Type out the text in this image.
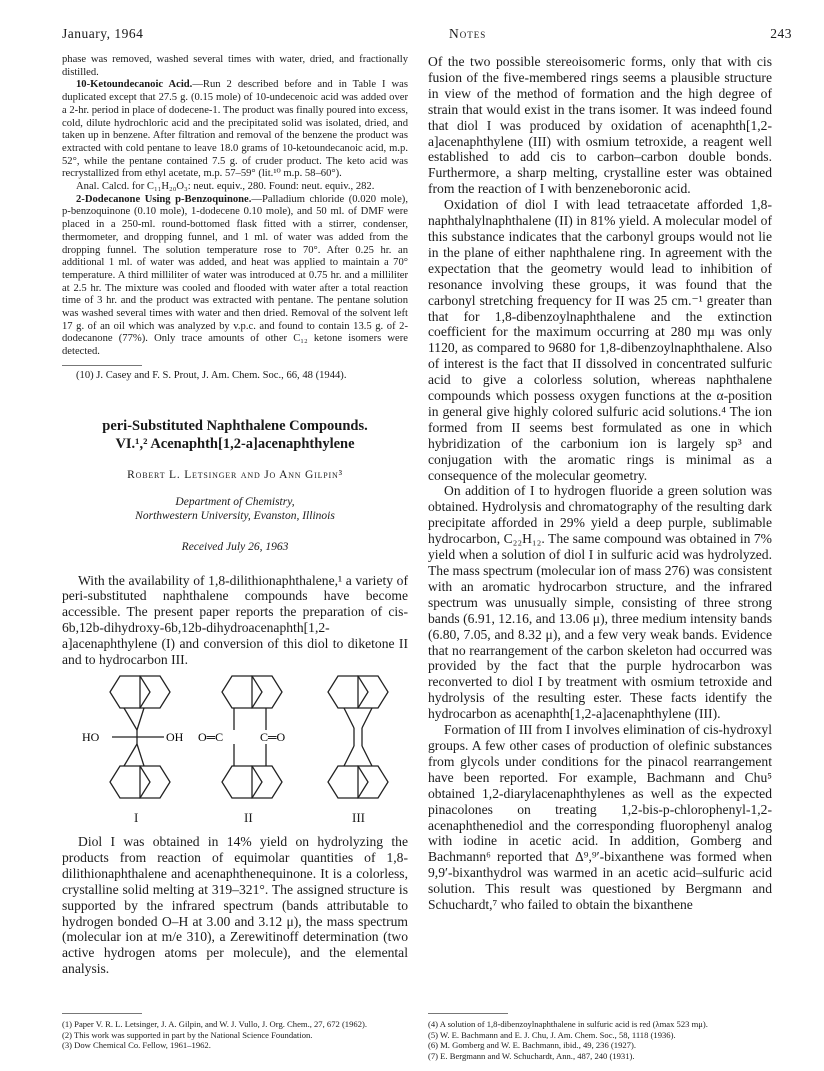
January, 1964	Notes	243

phase was removed, washed several times with water, dried, and fractionally distilled.

10-Ketoundecanoic Acid.—Run 2 described before and in Table I was duplicated except that 27.5 g. (0.15 mole) of 10-undecenoic acid was added over a 2-hr. period in place of dodecene-1. The product was finally poured into excess, cold, dilute hydrochloric acid and the precipitated solid was isolated, dried, and taken up in benzene. After filtration and removal of the benzene the product was extracted with cold pentane to leave 18.0 grams of 10-ketoundecanoic acid, m.p. 52°, while the pentane contained 7.5 g. of cruder product. The keto acid was recrystallized from ethyl acetate, m.p. 57–59° (lit.¹⁰ m.p. 58–60°).

Anal. Calcd. for C₁₁H₂₀O₃: neut. equiv., 280. Found: neut. equiv., 282.

2-Dodecanone Using p-Benzoquinone.—Palladium chloride (0.020 mole), p-benzoquinone (0.10 mole), 1-dodecene 0.10 mole), and 50 ml. of DMF were placed in a 250-ml. round-bottomed flask fitted with a stirrer, condenser, thermometer, and dropping funnel, and 1 ml. of water was added from the dropping funnel. The solution temperature rose to 70°. After 0.25 hr. an additional 1 ml. of water was added, and heat was applied to maintain a 70° temperature. A third milliliter of water was introduced at 0.75 hr. and a milliliter at 2.5 hr. The mixture was cooled and flooded with water after a total reaction time of 3 hr. and the product was extracted with pentane. The pentane solution was washed several times with water and then dried. Removal of the solvent left 17 g. of an oil which was analyzed by v.p.c. and found to contain 13.5 g. of 2-dodecanone (77%). Only trace amounts of other C₁₂ ketone isomers were detected.

(10) J. Casey and F. S. Prout, J. Am. Chem. Soc., 66, 48 (1944).

peri-Substituted Naphthalene Compounds.
VI.¹,² Acenaphth[1,2-a]acenaphthylene
Robert L. Letsinger and Jo Ann Gilpin³
Department of Chemistry,
Northwestern University, Evanston, Illinois
Received July 26, 1963

With the availability of 1,8-dilithionaphthalene,¹ a variety of peri-substituted naphthalene compounds have become accessible. The present paper reports the preparation of cis-6b,12b-dihydroxy-6b,12b-dihydroacenaphth[1,2-a]acenaphthylene (I) and conversion of this diol to diketone II and to hydrocarbon III.

HO	OH O═C	C═O
I	II	III

Diol I was obtained in 14% yield on hydrolyzing the products from reaction of equimolar quantities of 1,8-dilithionaphthalene and acenaphthenequinone. It is a colorless, crystalline solid melting at 319–321°. The assigned structure is supported by the infrared spectrum (bands attributable to hydrogen bonded O–H at 3.00 and 3.12 μ), the mass spectrum (molecular ion at m/e 310), a Zerewitinoff determination (two active hydrogen atoms per molecule), and the elemental analysis.

(1) Paper V. R. L. Letsinger, J. A. Gilpin, and W. J. Vullo, J. Org. Chem., 27, 672 (1962).

(2) This work was supported in part by the National Science Foundation.

(3) Dow Chemical Co. Fellow, 1961–1962.

Of the two possible stereoisomeric forms, only that with cis fusion of the five-membered rings seems a plausible structure in view of the method of formation and the high degree of strain that would exist in the trans isomer. It was indeed found that diol I was produced by oxidation of acenaphth[1,2-a]acenaphthylene (III) with osmium tetroxide, a reagent well established to add cis to carbon–carbon double bonds. Furthermore, a sharp melting, crystalline ester was obtained from the reaction of I with benzeneboronic acid.

Oxidation of diol I with lead tetraacetate afforded 1,8-naphthalylnaphthalene (II) in 81% yield. A molecular model of this substance indicates that the carbonyl groups would not lie in the plane of either naphthalene ring. In agreement with the expectation that the geometry would lead to inhibition of resonance involving these groups, it was found that the carbonyl stretching frequency for II was 25 cm.⁻¹ greater than that for 1,8-dibenzoylnaphthalene and the extinction coefficient for the maximum occurring at 280 mμ was only 1120, as compared to 9680 for 1,8-dibenzoylnaphthalene. Also of interest is the fact that II dissolved in concentrated sulfuric acid to give a colorless solution, whereas naphthalene compounds which possess oxygen functions at the α-position in general give highly colored sulfuric acid solutions.⁴ The ion formed from II seems best formulated as one in which hybridization of the carbonium ion is largely sp³ and conjugation with the aromatic rings is minimal as a consequence of the molecular geometry.

On addition of I to hydrogen fluoride a green solution was obtained. Hydrolysis and chromatography of the resulting dark precipitate afforded in 29% yield a deep purple, sublimable hydrocarbon, C₂₂H₁₂. The same compound was obtained in 7% yield when a solution of diol I in sulfuric acid was hydrolyzed. The mass spectrum (molecular ion of mass 276) was consistent with an aromatic hydrocarbon structure, and the infrared spectrum was unusually simple, consisting of three strong bands (6.91, 12.16, and 13.06 μ), three medium intensity bands (6.80, 7.05, and 8.32 μ), and a few very weak bands. Evidence that no rearrangement of the carbon skeleton had occurred was provided by the fact that the purple hydrocarbon was reconverted to diol I by treatment with osmium tetroxide and hydrolysis of the resulting ester. These facts identify the hydrocarbon as acenaphth[1,2-a]acenaphthylene (III).

Formation of III from I involves elimination of cis-hydroxyl groups. A few other cases of production of olefinic substances from glycols under conditions for the pinacol rearrangement have been reported. For example, Bachmann and Chu⁵ obtained 1,2-diarylacenaphthylenes as well as the expected pinacolones on treating 1,2-bis-p-chlorophenyl-1,2-acenaphthenediol and the corresponding fluorophenyl analog with iodine in acetic acid. In addition, Gomberg and Bachmann⁶ reported that Δ⁹,⁹′-bixanthene was formed when 9,9′-bixanthydrol was warmed in an acetic acid–sulfuric acid solution. This result was questioned by Bergmann and Schuchardt,⁷ who failed to obtain the bixanthene

(4) A solution of 1,8-dibenzoylnaphthalene in sulfuric acid is red (λmax 523 mμ).

(5) W. E. Bachmann and E. J. Chu, J. Am. Chem. Soc., 58, 1118 (1936).

(6) M. Gomberg and W. E. Bachmann, ibid., 49, 236 (1927).

(7) E. Bergmann and W. Schuchardt, Ann., 487, 240 (1931).
